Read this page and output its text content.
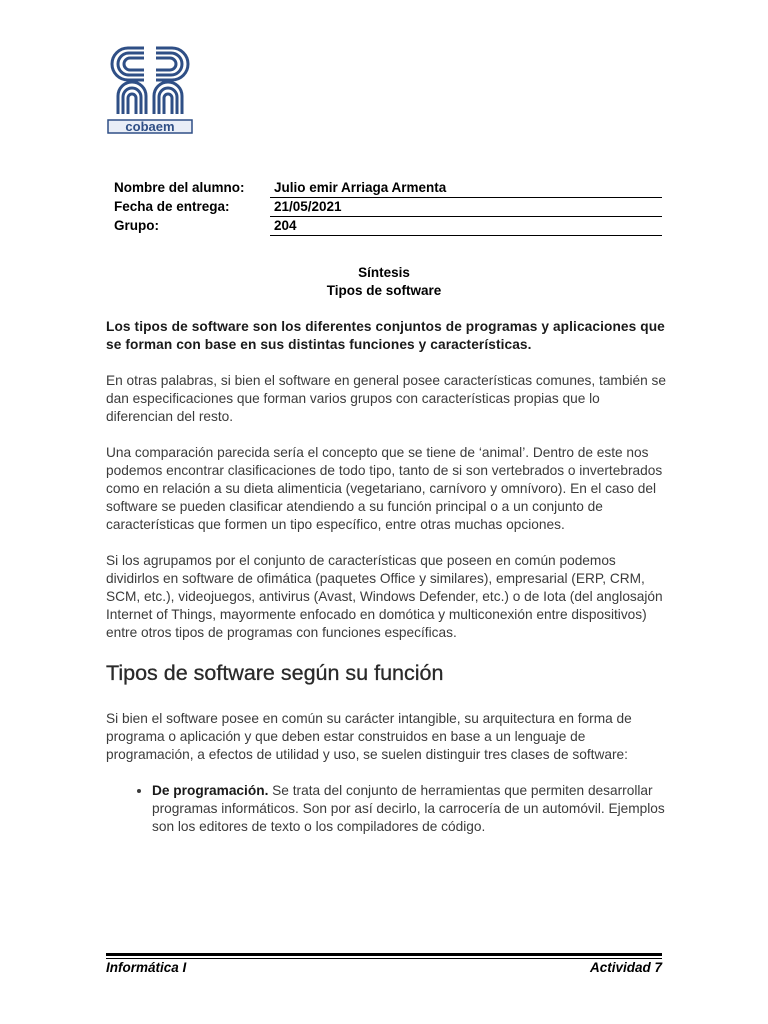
cobaem
Nombre del alumno:	Julio emir Arriaga Armenta
Fecha de entrega:	21/05/2021
Grupo:	204
Síntesis
Tipos de software

Los tipos de software son los diferentes conjuntos de programas y aplicaciones que se forman con base en sus distintas funciones y características.

En otras palabras, si bien el software en general posee características comunes, también se dan especificaciones que forman varios grupos con características propias que lo diferencian del resto.

Una comparación parecida sería el concepto que se tiene de ‘animal’. Dentro de este nos podemos encontrar clasificaciones de todo tipo, tanto de si son vertebrados o invertebrados como en relación a su dieta alimenticia (vegetariano, carnívoro y omnívoro). En el caso del software se pueden clasificar atendiendo a su función principal o a un conjunto de características que formen un tipo específico, entre otras muchas opciones.

Si los agrupamos por el conjunto de características que poseen en común podemos dividirlos en software de ofimática (paquetes Office y similares), empresarial (ERP, CRM, SCM, etc.), videojuegos, antivirus (Avast, Windows Defender, etc.) o de Iota (del anglosajón Internet of Things, mayormente enfocado en domótica y multiconexión entre dispositivos) entre otros tipos de programas con funciones específicas.

Tipos de software según su función

Si bien el software posee en común su carácter intangible, su arquitectura en forma de programa o aplicación y que deben estar construidos en base a un lenguaje de programación, a efectos de utilidad y uso, se suelen distinguir tres clases de software:

• De programación. Se trata del conjunto de herramientas que permiten desarrollar programas informáticos. Son por así decirlo, la carrocería de un automóvil. Ejemplos son los editores de texto o los compiladores de código.
Informática I	Actividad 7
